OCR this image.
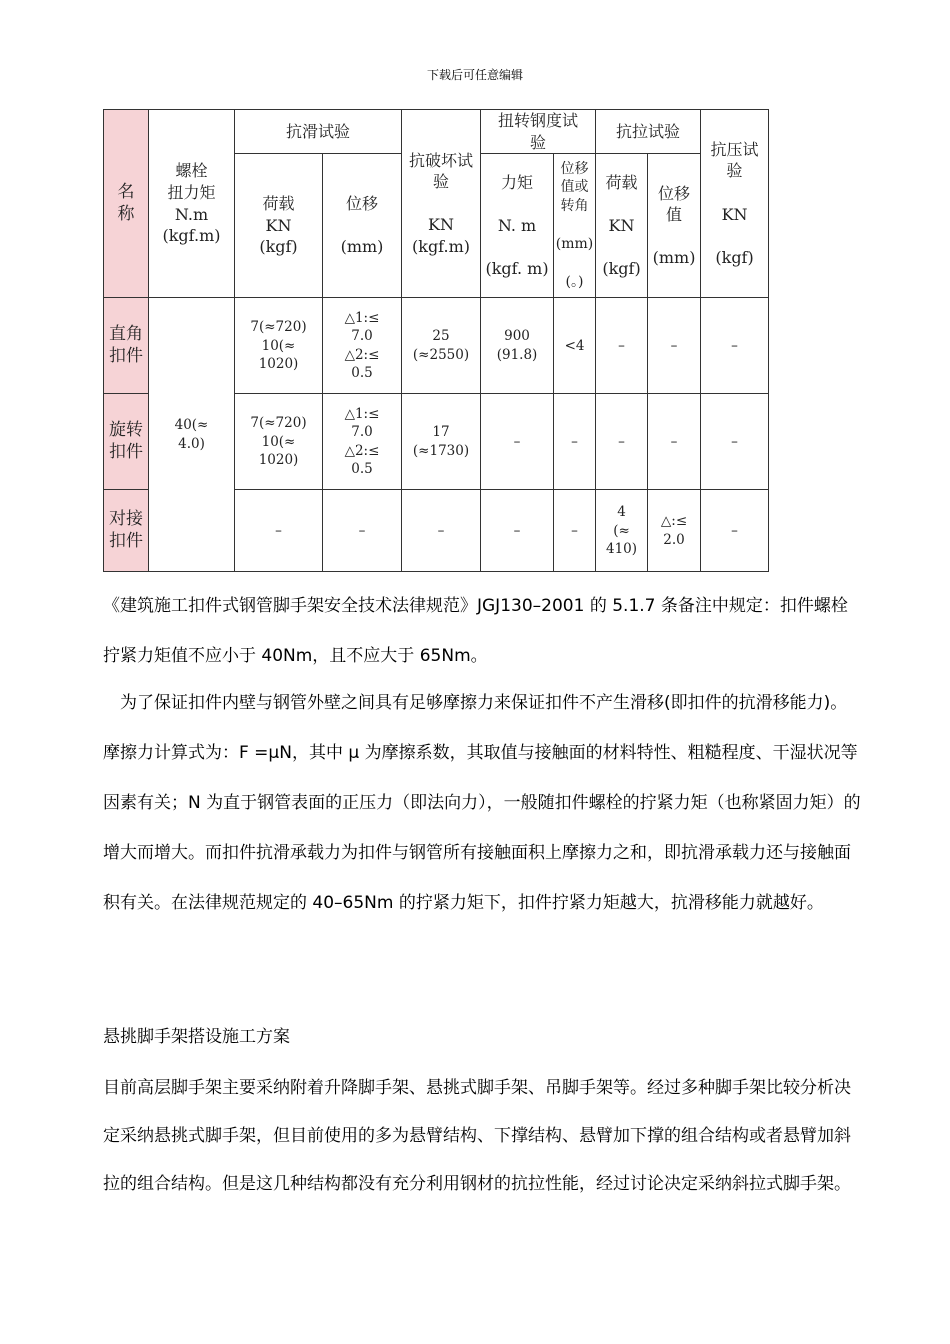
下载后可任意编辑
名
称	螺栓
扭力矩
N.m
(kgf.m)	抗滑试验		抗破坏试
验

KN
(kgf.m)	扭转钢度试
验		抗拉试验		抗压试
验

KN

(kgf)

		荷载
KN
(kgf)	位移

(mm)		力矩

N. m

(kgf. m)	位移
值或
转角

(mm)

(。)	荷载

KN

(kgf)	位移
值

(mm)	

直角
扣件	40(≈
4.0)	7(≈720)
10(≈
1020)	△1:≤
7.0
△2:≤
0.5	25
(≈2550)	900
(91.8)	<4	–	–	–

旋转
扣件		7(≈720)
10(≈
1020)	△1:≤
7.0
△2:≤
0.5	17
(≈1730)	–	–	–	–	–

对接
扣件		–	–	–	–	–	4
(≈
410)	△:≤
2.0	–
《建筑施工扣件式钢管脚手架安全技术法律规范》JGJ130–2001 的 5.1.7 条备注中规定：扣件螺栓拧紧力矩值不应小于 40Nm，且不应大于 65Nm。
为了保证扣件内壁与钢管外壁之间具有足够摩擦力来保证扣件不产生滑移(即扣件的抗滑移能力)。摩擦力计算式为：F =μN，其中 μ 为摩擦系数，其取值与接触面的材料特性、粗糙程度、干湿状况等因素有关；N 为直于钢管表面的正压力（即法向力），一般随扣件螺栓的拧紧力矩（也称紧固力矩）的增大而增大。而扣件抗滑承载力为扣件与钢管所有接触面积上摩擦力之和，即抗滑承载力还与接触面积有关。在法律规范规定的 40–65Nm 的拧紧力矩下，扣件拧紧力矩越大，抗滑移能力就越好。
悬挑脚手架搭设施工方案
目前高层脚手架主要采纳附着升降脚手架、悬挑式脚手架、吊脚手架等。经过多种脚手架比较分析决定采纳悬挑式脚手架，但目前使用的多为悬臂结构、下撑结构、悬臂加下撑的组合结构或者悬臂加斜拉的组合结构。但是这几种结构都没有充分利用钢材的抗拉性能，经过讨论决定采纳斜拉式脚手架。
